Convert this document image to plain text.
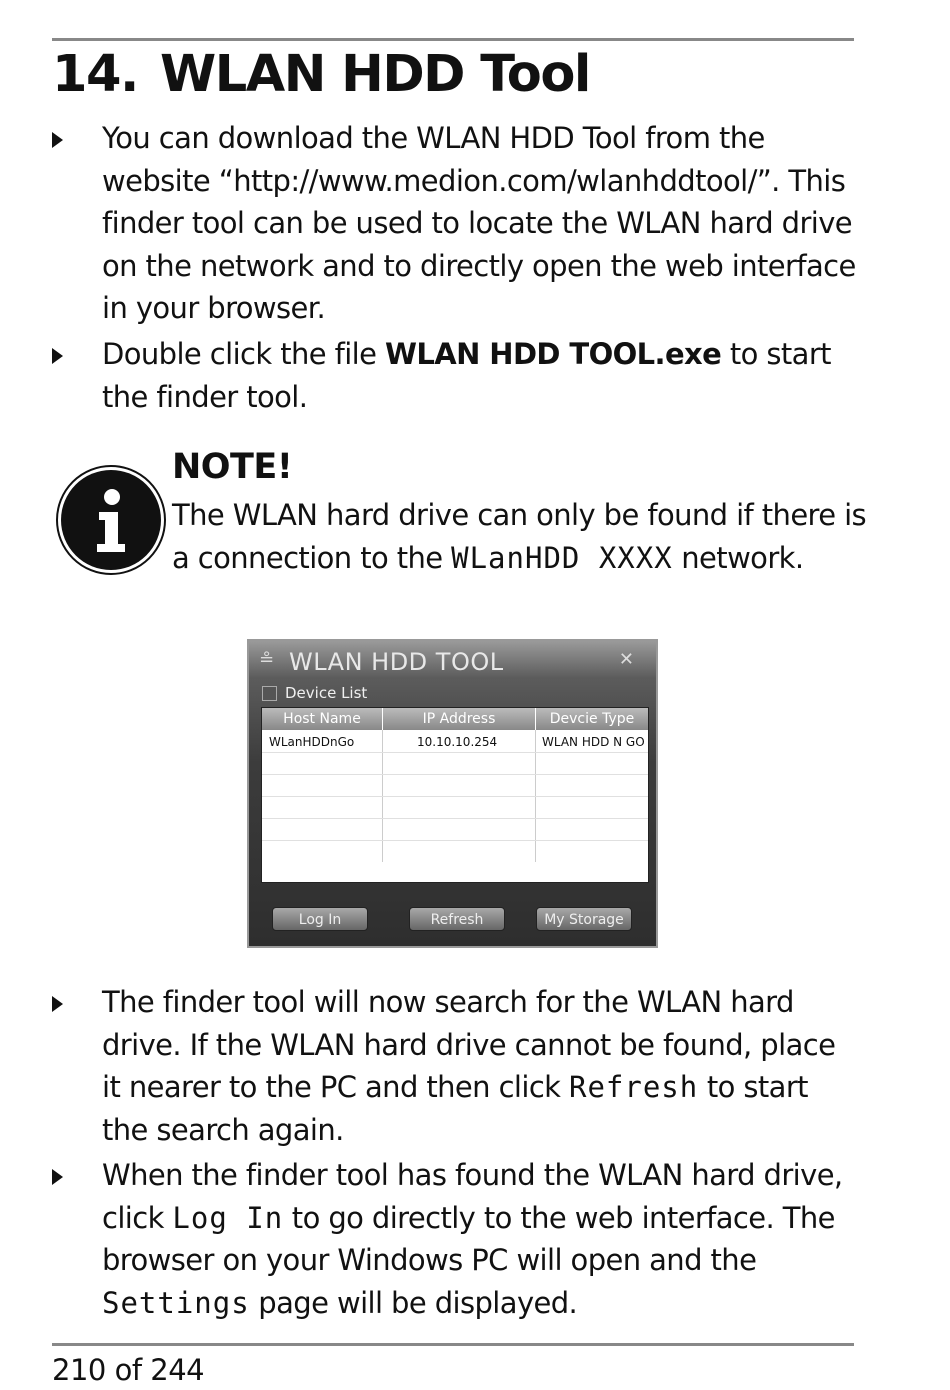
14. WLAN HDD Tool
You can download the WLAN HDD Tool from the website “http://www.medion.com/wlanhddtool/”. This finder tool can be used to locate the WLAN hard drive on the network and to directly open the web interface in your browser.
Double click the file WLAN HDD TOOL.exe to start the finder tool.
NOTE!
The WLAN hard drive can only be found if there is a connection to the WLanHDD XXXX network.
≗ WLAN HDD TOOL	✕
Device List
Host Name	IP Address	Devcie Type
WLanHDDnGo	10.10.10.254	WLAN HDD N GO
Log In	Refresh	My Storage
The finder tool will now search for the WLAN hard drive. If the WLAN hard drive cannot be found, place it nearer to the PC and then click Refresh to start the search again.
When the finder tool has found the WLAN hard drive, click Log In to go directly to the web interface. The browser on your Windows PC will open and the Settings page will be displayed.
210 of 244
